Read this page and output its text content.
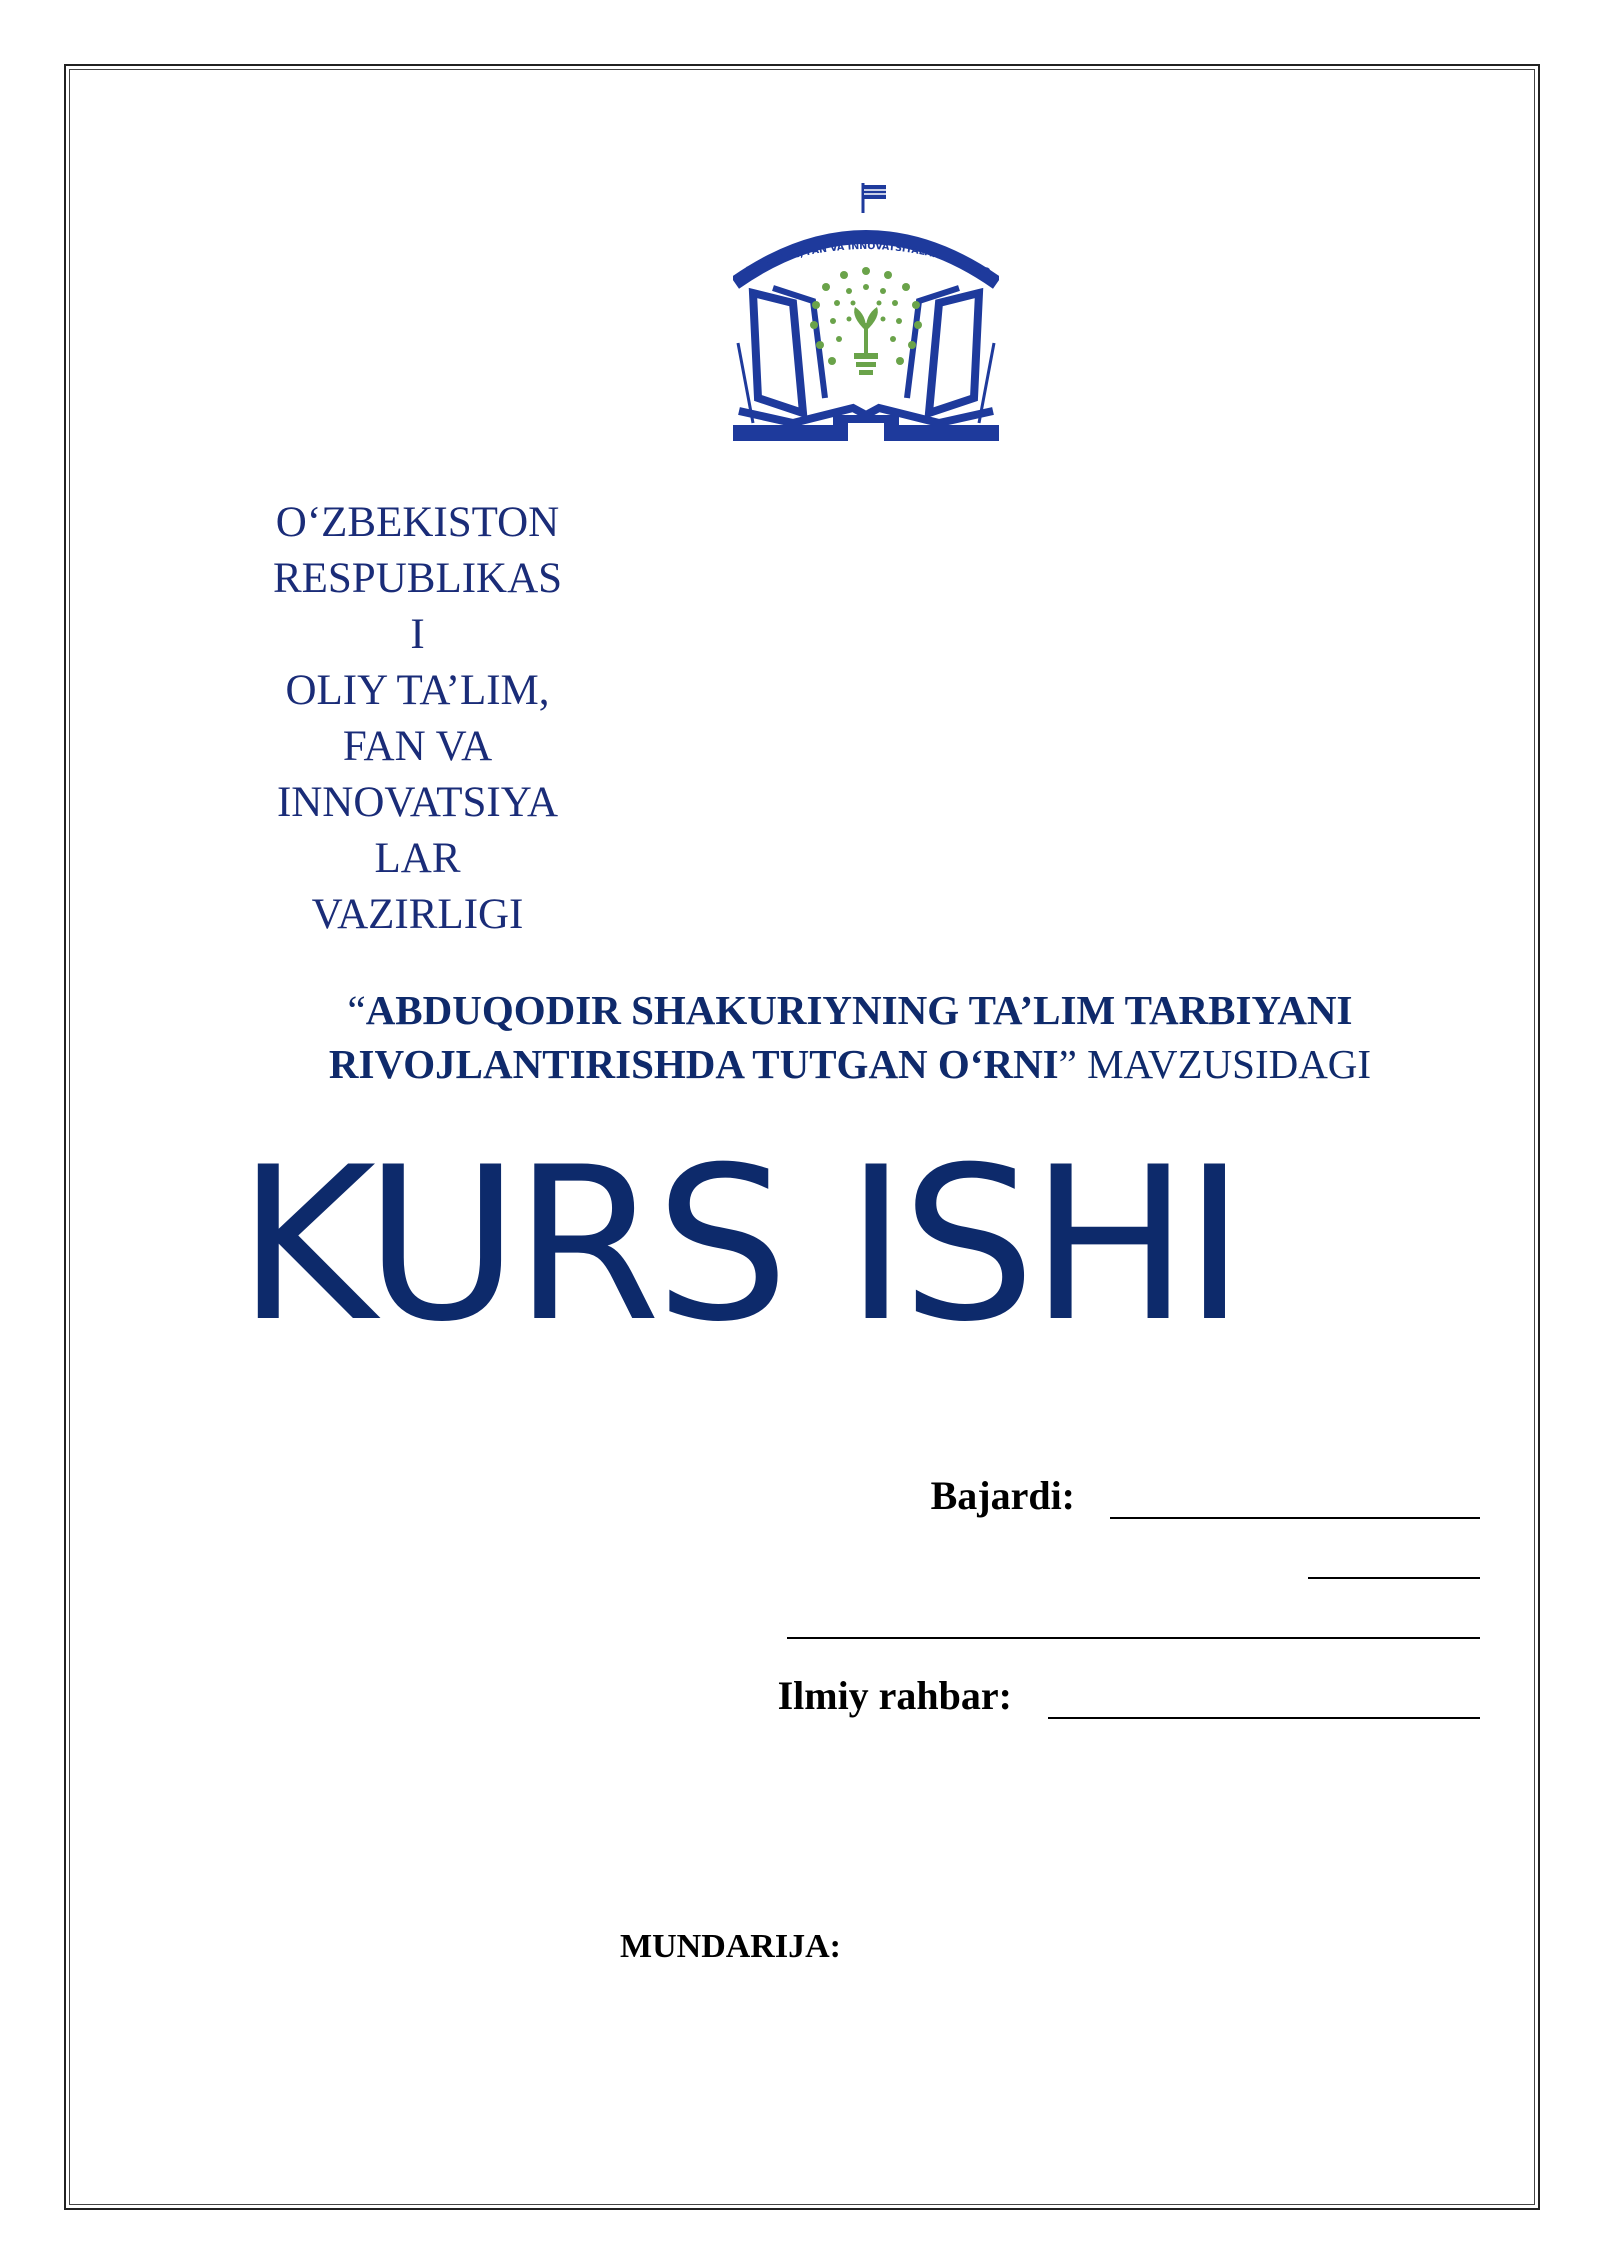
O'ZBEKISTON RESPUBLIKASI
LIY TA'LIM, FAN VA INNOVATSIYALAR VAZIRLIG
O‘ZBEKISTON
RESPUBLIKAS
I
OLIY TA’LIM,
FAN VA
INNOVATSIYA
LAR
VAZIRLIGI
“ABDUQODIR SHAKURIYNING TA’LIM TARBIYANI
RIVOJLANTIRISHDA TUTGAN O‘RNI” MAVZUSIDAGI
KURS ISHI
Bajardi:
Ilmiy rahbar:
MUNDARIJA:
